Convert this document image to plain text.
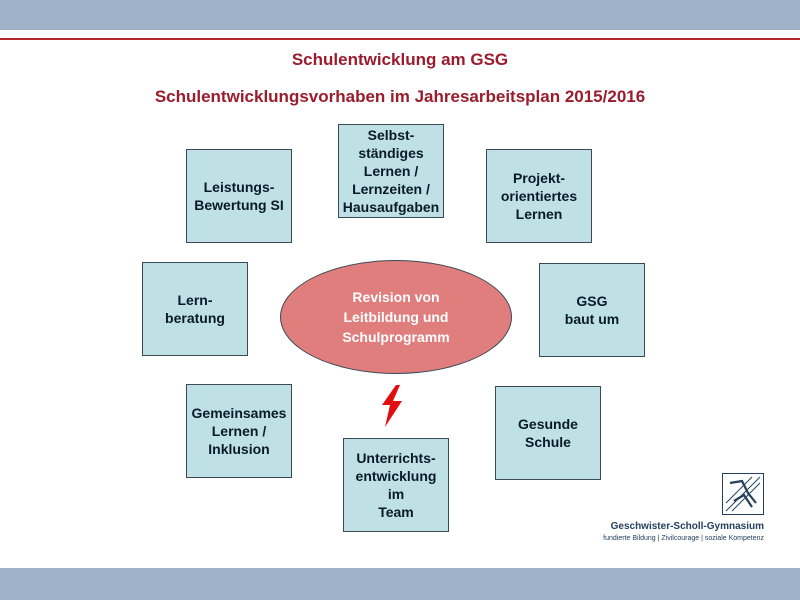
Schulentwicklung am GSG
Schulentwicklungsvorhaben im Jahresarbeitsplan 2015/2016
Selbst-
ständiges
Lernen /
Lernzeiten /
Hausaufgaben
Leistungs-
Bewertung SI
Projekt-
orientiertes
Lernen
Lern-
beratung
GSG
baut um
Gemeinsames
Lernen /
Inklusion
Gesunde
Schule
Unterrichts-
entwicklung
im
Team
Revision von
Leitbildung und
Schulprogramm
Geschwister-Scholl-Gymnasium
fundierte Bildung | Zivilcourage | soziale Kompetenz
